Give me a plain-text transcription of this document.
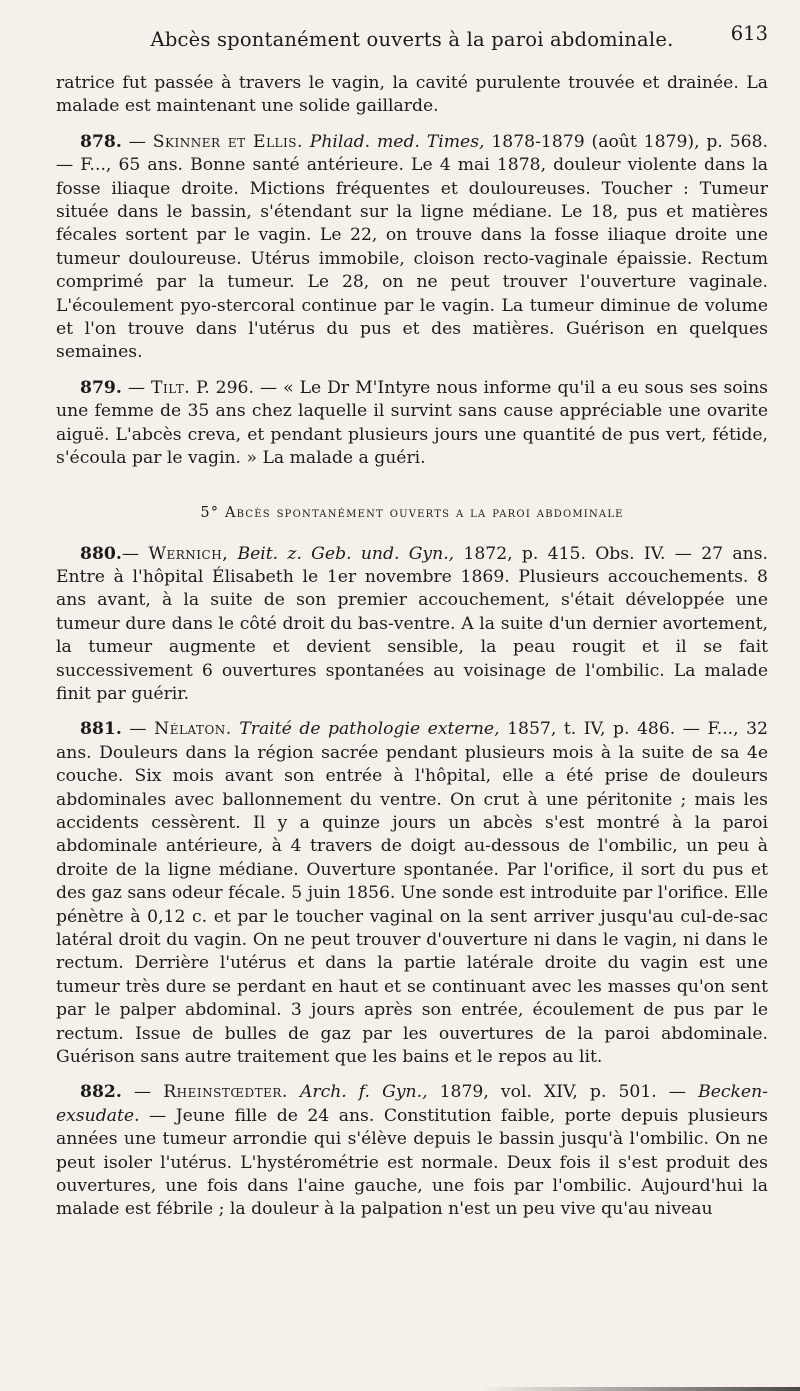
Abcès spontanément ouverts à la paroi abdominale.	613

ratrice fut passée à travers le vagin, la cavité purulente trouvée et drainée. La malade est maintenant une solide gaillarde.

878. — Skinner et Ellis. Philad. med. Times, 1878-1879 (août 1879), p. 568. — F..., 65 ans. Bonne santé antérieure. Le 4 mai 1878, douleur violente dans la fosse iliaque droite. Mictions fréquentes et douloureuses. Toucher : Tumeur située dans le bassin, s'étendant sur la ligne médiane. Le 18, pus et matières fécales sortent par le vagin. Le 22, on trouve dans la fosse iliaque droite une tumeur douloureuse. Utérus immobile, cloison recto-vaginale épaissie. Rectum comprimé par la tumeur. Le 28, on ne peut trouver l'ouverture vaginale. L'écoulement pyo-stercoral continue par le vagin. La tumeur diminue de volume et l'on trouve dans l'utérus du pus et des matières. Guérison en quelques semaines.

879. — Tilt. P. 296. — « Le Dr M'Intyre nous informe qu'il a eu sous ses soins une femme de 35 ans chez laquelle il survint sans cause appréciable une ovarite aiguë. L'abcès creva, et pendant plusieurs jours une quantité de pus vert, fétide, s'écoula par le vagin. » La malade a guéri.

5° Abcès spontanément ouverts a la paroi abdominale

880.— Wernich, Beit. z. Geb. und. Gyn., 1872, p. 415. Obs. IV. — 27 ans. Entre à l'hôpital Élisabeth le 1er novembre 1869. Plusieurs accouchements. 8 ans avant, à la suite de son premier accouchement, s'était développée une tumeur dure dans le côté droit du bas-ventre. A la suite d'un dernier avortement, la tumeur augmente et devient sensible, la peau rougit et il se fait successivement 6 ouvertures spontanées au voisinage de l'ombilic. La malade finit par guérir.

881. — Nélaton. Traité de pathologie externe, 1857, t. IV, p. 486. — F..., 32 ans. Douleurs dans la région sacrée pendant plusieurs mois à la suite de sa 4e couche. Six mois avant son entrée à l'hôpital, elle a été prise de douleurs abdominales avec ballonnement du ventre. On crut à une péritonite ; mais les accidents cessèrent. Il y a quinze jours un abcès s'est montré à la paroi abdominale antérieure, à 4 travers de doigt au-dessous de l'ombilic, un peu à droite de la ligne médiane. Ouverture spontanée. Par l'orifice, il sort du pus et des gaz sans odeur fécale. 5 juin 1856. Une sonde est introduite par l'orifice. Elle pénètre à 0,12 c. et par le toucher vaginal on la sent arriver jusqu'au cul-de-sac latéral droit du vagin. On ne peut trouver d'ouverture ni dans le vagin, ni dans le rectum. Derrière l'utérus et dans la partie latérale droite du vagin est une tumeur très dure se perdant en haut et se continuant avec les masses qu'on sent par le palper abdominal. 3 jours après son entrée, écoulement de pus par le rectum. Issue de bulles de gaz par les ouvertures de la paroi abdominale. Guérison sans autre traitement que les bains et le repos au lit.

882. — Rheinstœdter. Arch. f. Gyn., 1879, vol. XIV, p. 501. — Becken-exsudate. — Jeune fille de 24 ans. Constitution faible, porte depuis plusieurs années une tumeur arrondie qui s'élève depuis le bassin jusqu'à l'ombilic. On ne peut isoler l'utérus. L'hystérométrie est normale. Deux fois il s'est produit des ouvertures, une fois dans l'aine gauche, une fois par l'ombilic. Aujourd'hui la malade est fébrile ; la douleur à la palpation n'est un peu vive qu'au niveau
